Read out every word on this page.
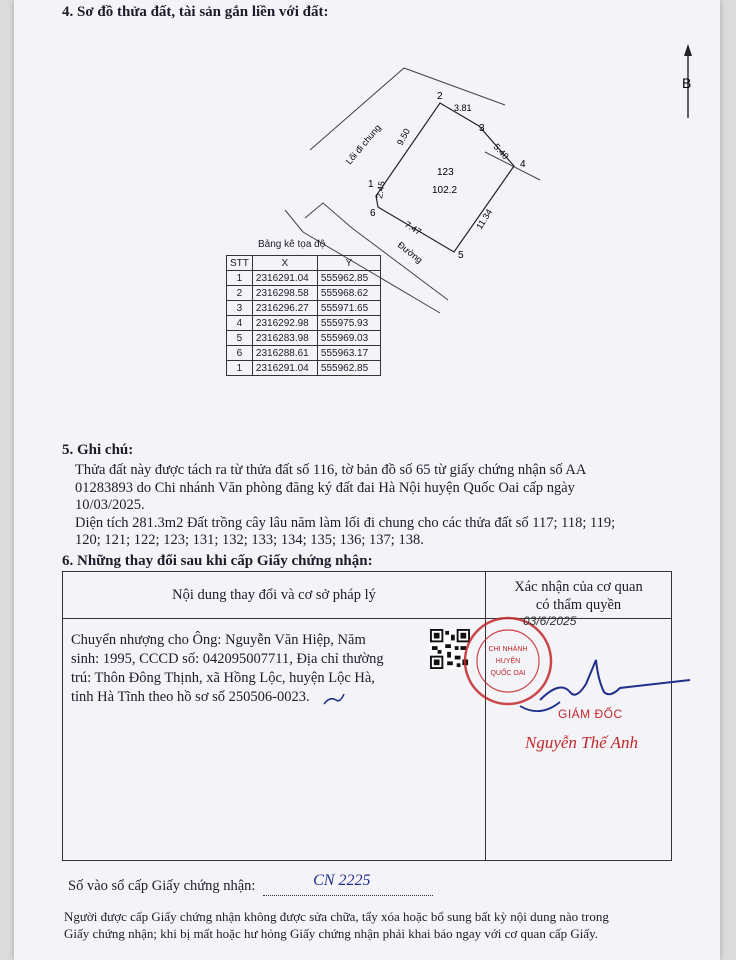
4. Sơ đồ thửa đất, tài sản gắn liền với đất:
B
1
2
3
4
5
6
9.50
3.81
5.40
11.34
7.47
2.45
123
102.2
Lối đi chung
Đường
Bảng kê tọa độ
STT	X	Y
1	2316291.04	555962.85
2	2316298.58	555968.62
3	2316296.27	555971.65
4	2316292.98	555975.93
5	2316283.98	555969.03
6	2316288.61	555963.17
1	2316291.04	555962.85
5. Ghi chú:
Thửa đất này được tách ra từ thửa đất số 116, tờ bản đồ số 65 từ giấy chứng nhận số AA
01283893 do Chi nhánh Văn phòng đăng ký đất đai Hà Nội huyện Quốc Oai cấp ngày
10/03/2025.
Diện tích 281.3m2 Đất trồng cây lâu năm làm lối đi chung cho các thửa đất số 117; 118; 119;
120; 121; 122; 123; 131; 132; 133; 134; 135; 136; 137; 138.
6. Những thay đổi sau khi cấp Giấy chứng nhận:
Nội dung thay đổi và cơ sở pháp lý	Xác nhận của cơ quan
có thẩm quyền

Chuyển nhượng cho Ông: Nguyễn Văn Hiệp, Năm
sinh: 1995, CCCD số: 042095007711, Địa chỉ thường
trú: Thôn Đông Thịnh, xã Hồng Lộc, huyện Lộc Hà,
tỉnh Hà Tĩnh theo hồ sơ số 250506-0023.	

CHI NHÁNH
HUYỆN
QUỐC OAI
03/6/2025
GIÁM ĐỐC
Nguyễn Thế Anh
Số vào sổ cấp Giấy chứng nhận:	CN 2225

Người được cấp Giấy chứng nhận không được sửa chữa, tẩy xóa hoặc bổ sung bất kỳ nội dung nào trong
Giấy chứng nhận; khi bị mất hoặc hư hỏng Giấy chứng nhận phải khai báo ngay với cơ quan cấp Giấy.
